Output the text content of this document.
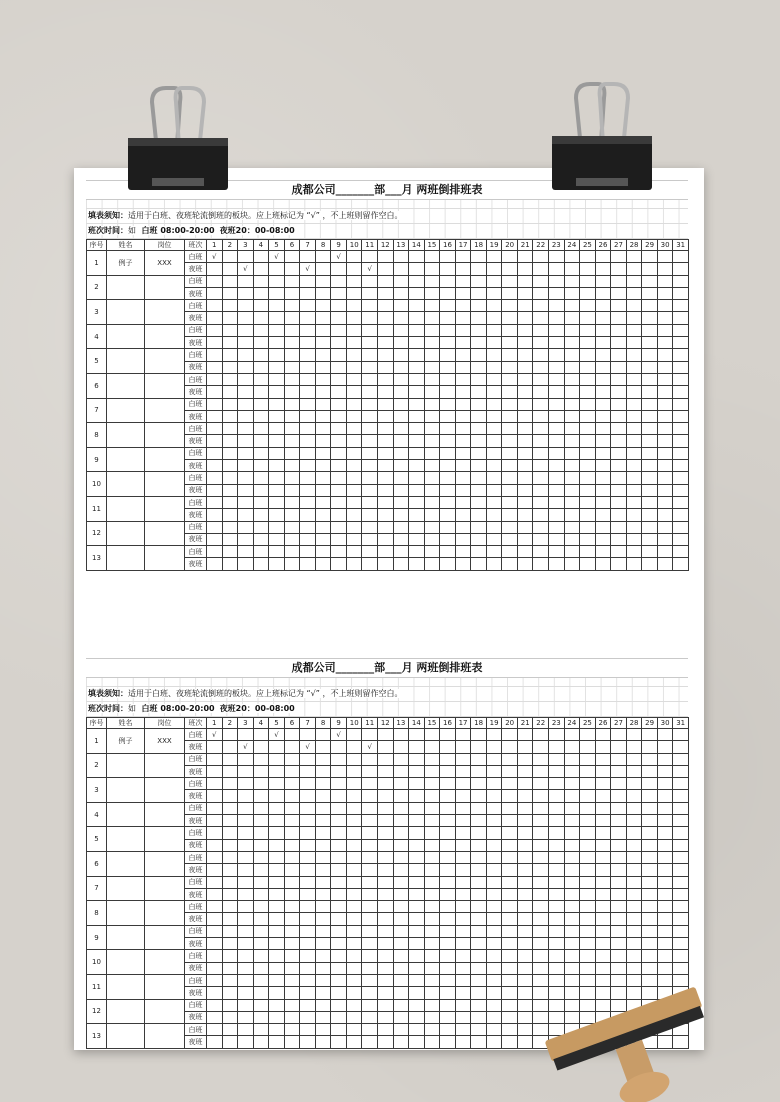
成都公司_______部___月 两班倒排班表
填表须知：适用于白班、夜班轮流倒班的板块。应上班标记为 “√” ，不上班则留作空白。
班次时间：如 白班 08:00-20:00 夜班20：00-08:00
序号	姓名	岗位	班次	1	2	3	4	5	6	7	8	9	10	11	12	13	14	15	16	17	18	19	20	21	22	23	24	25	26	27	28	29	30	31
1	例子	XXX	白班	√				√				√																						
			夜班			√				√				√																				
2			白班																															
			夜班																															
3			白班																															
			夜班																															
4			白班																															
			夜班																															
5			白班																															
			夜班																															
6			白班																															
			夜班																															
7			白班																															
			夜班																															
8			白班																															
			夜班																															
9			白班																															
			夜班																															
10			白班																															
			夜班																															
11			白班																															
			夜班																															
12			白班																															
			夜班																															
13			白班																															
			夜班																															
成都公司_______部___月 两班倒排班表
填表须知：适用于白班、夜班轮流倒班的板块。应上班标记为 “√” ，不上班则留作空白。
班次时间：如 白班 08:00-20:00 夜班20：00-08:00
序号	姓名	岗位	班次	1	2	3	4	5	6	7	8	9	10	11	12	13	14	15	16	17	18	19	20	21	22	23	24	25	26	27	28	29	30	31
1	例子	XXX	白班	√				√				√																						
			夜班			√				√				√																				
2			白班																															
			夜班																															
3			白班																															
			夜班																															
4			白班																															
			夜班																															
5			白班																															
			夜班																															
6			白班																															
			夜班																															
7			白班																															
			夜班																															
8			白班																															
			夜班																															
9			白班																															
			夜班																															
10			白班																															
			夜班																															
11			白班																															
			夜班																															
12			白班																															
			夜班																															
13			白班																															
			夜班																															
